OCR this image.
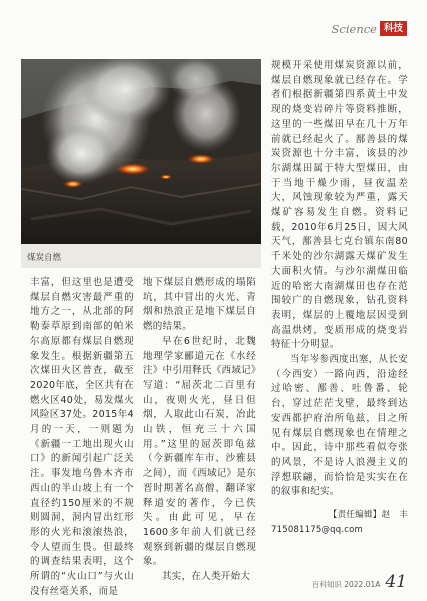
Science 科技
煤炭自燃

丰富，但这里也是遭受煤层自燃灾害最严重的地方之一，从北部的阿勒泰草原到南部的帕米尔高原都有煤层自燃现象发生。根据新疆第五次煤田火区普查，截至2020年底，全区共有在燃火区40处，易发煤火风险区37处。2015年4月的一天，一则题为《新疆一工地出现火山口》的新闻引起广泛关注。事发地乌鲁木齐市西山的半山坡上有一个直径约150厘米的不规则圆洞，洞内冒出红形形的火光和滚滚热浪，令人望而生畏。但最终的调查结果表明，这个所谓的“火山口”与火山没有丝毫关系，而是

地下煤层自燃形成的塌陷坑，其中冒出的火光、青烟和热浪正是地下煤层自燃的结果。

早在6世纪时，北魏地理学家郦道元在《水经注》中引用释氏《西域记》写道：“屈茨北二百里有山，夜则火光，昼日但烟，人取此山石炭，冶此山铁，恒充三十六国用。”这里的屈茨即龟兹（今新疆库车市、沙雅县之间），而《西域记》是东晋时期著名高僧、翻译家释道安的著作，今已佚失。由此可见，早在1600多年前人们就已经观察到新疆的煤层自燃现象。

其实，在人类开始大

规模开采使用煤炭资源以前，煤层自燃现象就已经存在。学者们根据新疆第四系黄土中发现的烧变岩碎片等资料推断，这里的一些煤田早在几十万年前就已经起火了。鄯善县的煤炭资源也十分丰富，该县的沙尔湖煤田属于特大型煤田，由于当地干燥少雨，昼夜温差大，风蚀现象较为严重，露天煤矿容易发生自燃。资料记载，2010年6月25日，因大风天气，鄯善县七克台镇东南80千米处的沙尔湖露天煤矿发生大面积火情。与沙尔湖煤田临近的哈密大南湖煤田也存在范围较广的自燃现象，钻孔资料表明，煤层的上覆地层因受到高温烘烤，变质形成的烧变岩特征十分明显。

当年岑参西度出塞，从长安（今西安）一路向西，沿途经过哈密、鄯善、吐鲁番、轮台，穿过茫茫戈壁，最终到达安西都护府治所龟兹，目之所见有煤层自燃现象也在情理之中。因此，诗中那些看似夸张的风景，不是诗人浪漫主义的浮想联翩，而恰恰是实实在在的叙事和纪实。

【责任编辑】赵　丰
715081175@qq.com
百科知识 2022.01A 41
